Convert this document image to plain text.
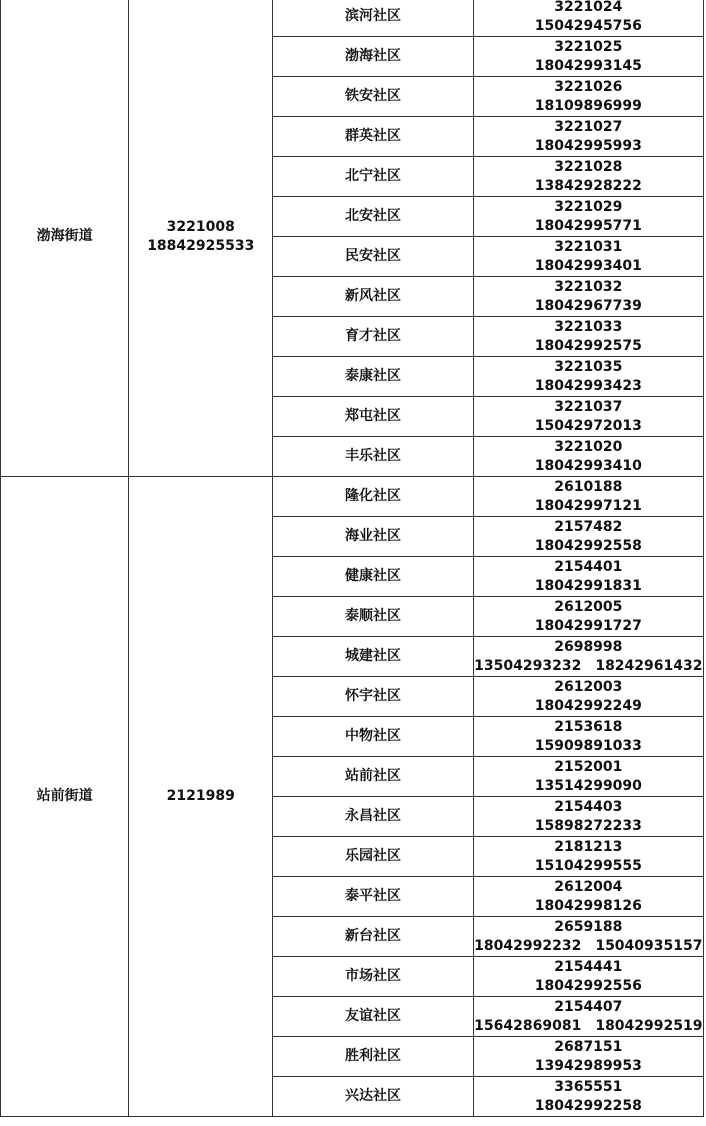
渤海街道	3221008
18842925533	滨河社区	3221024
15042945756

		渤海社区	3221025
18042993145

		铁安社区	3221026
18109896999

		群英社区	3221027
18042995993

		北宁社区	3221028
13842928222

		北安社区	3221029
18042995771

		民安社区	3221031
18042993401

		新风社区	3221032
18042967739

		育才社区	3221033
18042992575

		泰康社区	3221035
18042993423

		郑屯社区	3221037
15042972013

		丰乐社区	3221020
18042993410

站前街道	2121989	隆化社区	2610188
18042997121

		海业社区	2157482
18042992558

		健康社区	2154401
18042991831

		泰顺社区	2612005
18042991727

		城建社区	2698998
13504293232 18242961432

		怀宇社区	2612003
18042992249

		中物社区	2153618
15909891033

		站前社区	2152001
13514299090

		永昌社区	2154403
15898272233

		乐园社区	2181213
15104299555

		泰平社区	2612004
18042998126

		新台社区	2659188
18042992232 15040935157

		市场社区	2154441
18042992556

		友谊社区	2154407
15642869081 18042992519

		胜利社区	2687151
13942989953

		兴达社区	3365551
18042992258
